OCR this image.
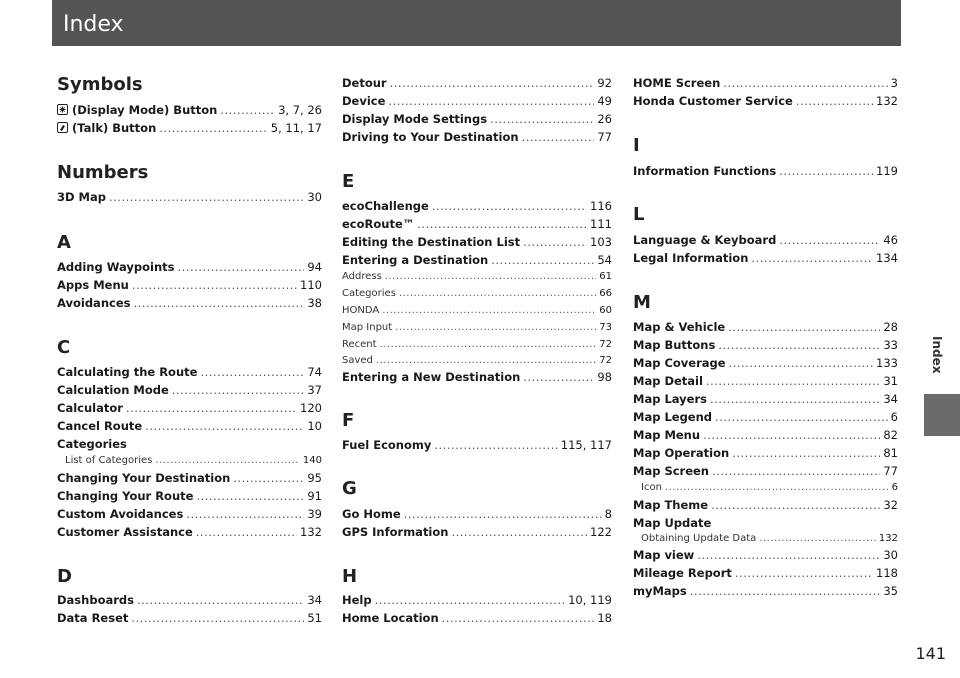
Index
Index
141
Symbols
(Display Mode) Button .....	3, 7, 26
(Talk) Button .....	5, 11, 17
Numbers
3D Map .....	30
A
Adding Waypoints .....	94
Apps Menu .....	110
Avoidances .....	38
C
Calculating the Route .....	74
Calculation Mode .....	37
Calculator .....	120
Cancel Route .....	10
Categories
List of Categories .....	140
Changing Your Destination .....	95
Changing Your Route .....	91
Custom Avoidances .....	39
Customer Assistance .....	132
D
Dashboards .....	34
Data Reset .....	51
Detour .....	92
Device .....	49
Display Mode Settings .....	26
Driving to Your Destination .....	77
E
ecoChallenge .....	116
ecoRoute™ .....	111
Editing the Destination List .....	103
Entering a Destination .....	54
Address .....	61
Categories .....	66
HONDA .....	60
Map Input .....	73
Recent .....	72
Saved .....	72
Entering a New Destination .....	98
F
Fuel Economy .....	115, 117
G
Go Home .....	8
GPS Information .....	122
H
Help .....	10, 119
Home Location .....	18
HOME Screen .....	3
Honda Customer Service .....	132
I
Information Functions .....	119
L
Language & Keyboard .....	46
Legal Information .....	134
M
Map & Vehicle .....	28
Map Buttons .....	33
Map Coverage .....	133
Map Detail .....	31
Map Layers .....	34
Map Legend .....	6
Map Menu .....	82
Map Operation .....	81
Map Screen .....	77
Icon .....	6
Map Theme .....	32
Map Update
Obtaining Update Data .....	132
Map view .....	30
Mileage Report .....	118
myMaps .....	35
